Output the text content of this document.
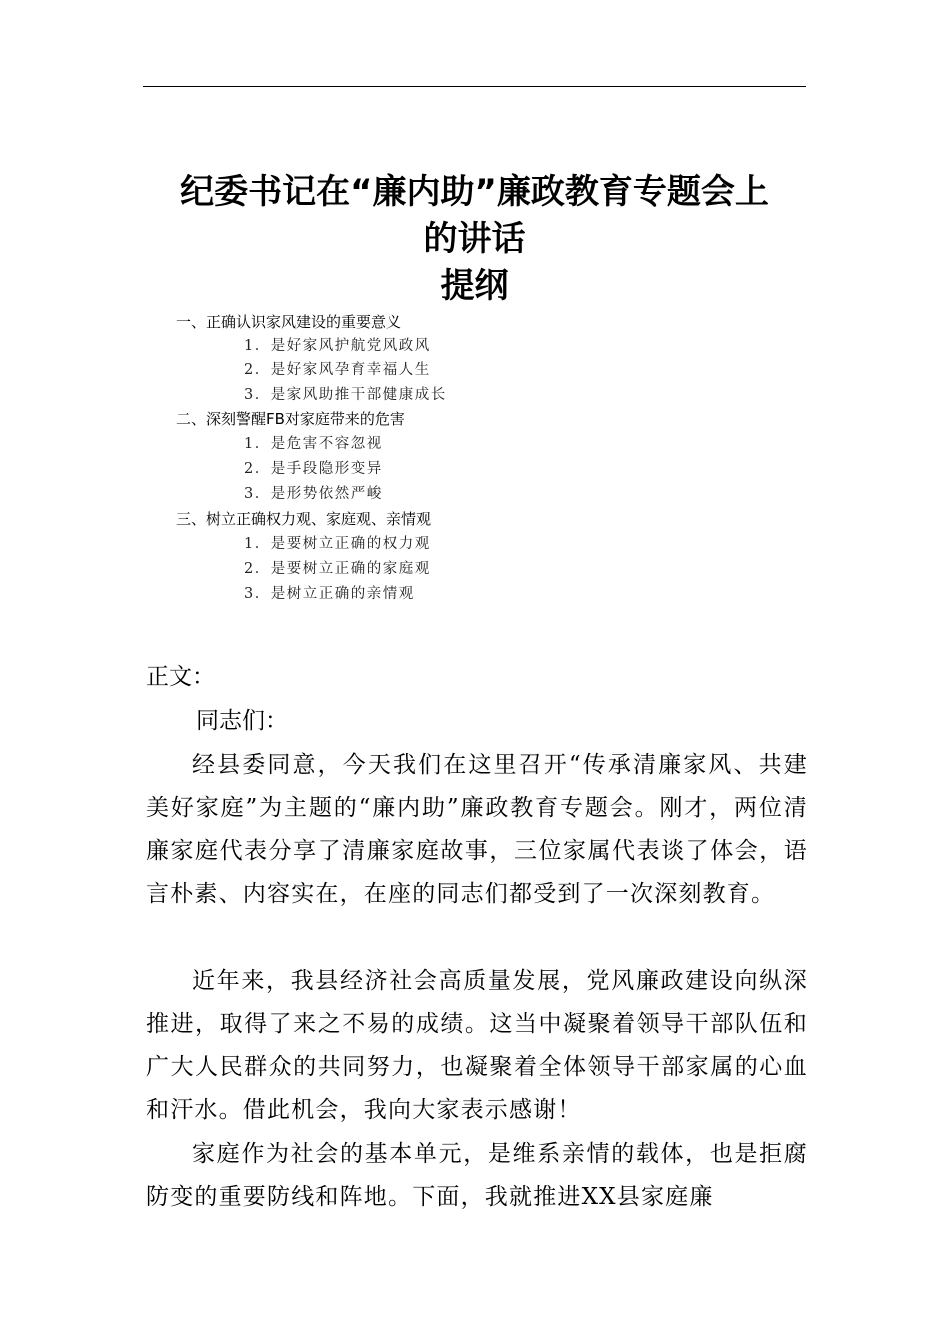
纪委书记在“廉内助”廉政教育专题会上
的讲话
提纲
一、正确认识家风建设的重要意义
1．是好家风护航党风政风
2．是好家风孕育幸福人生
3．是家风助推干部健康成长
二、深刻警醒FB对家庭带来的危害
1．是危害不容忽视
2．是手段隐形变异
3．是形势依然严峻
三、树立正确权力观、家庭观、亲情观
1．是要树立正确的权力观
2．是要树立正确的家庭观
3．是树立正确的亲情观
正文：
同志们：

经县委同意，今天我们在这里召开“传承清廉家风、共建美好家庭”为主题的“廉内助”廉政教育专题会。刚才，两位清廉家庭代表分享了清廉家庭故事，三位家属代表谈了体会，语言朴素、内容实在，在座的同志们都受到了一次深刻教育。

近年来，我县经济社会高质量发展，党风廉政建设向纵深推进，取得了来之不易的成绩。这当中凝聚着领导干部队伍和广大人民群众的共同努力，也凝聚着全体领导干部家属的心血和汗水。借此机会，我向大家表示感谢！

家庭作为社会的基本单元，是维系亲情的载体，也是拒腐防变的重要防线和阵地。下面，我就推进XX县家庭廉
